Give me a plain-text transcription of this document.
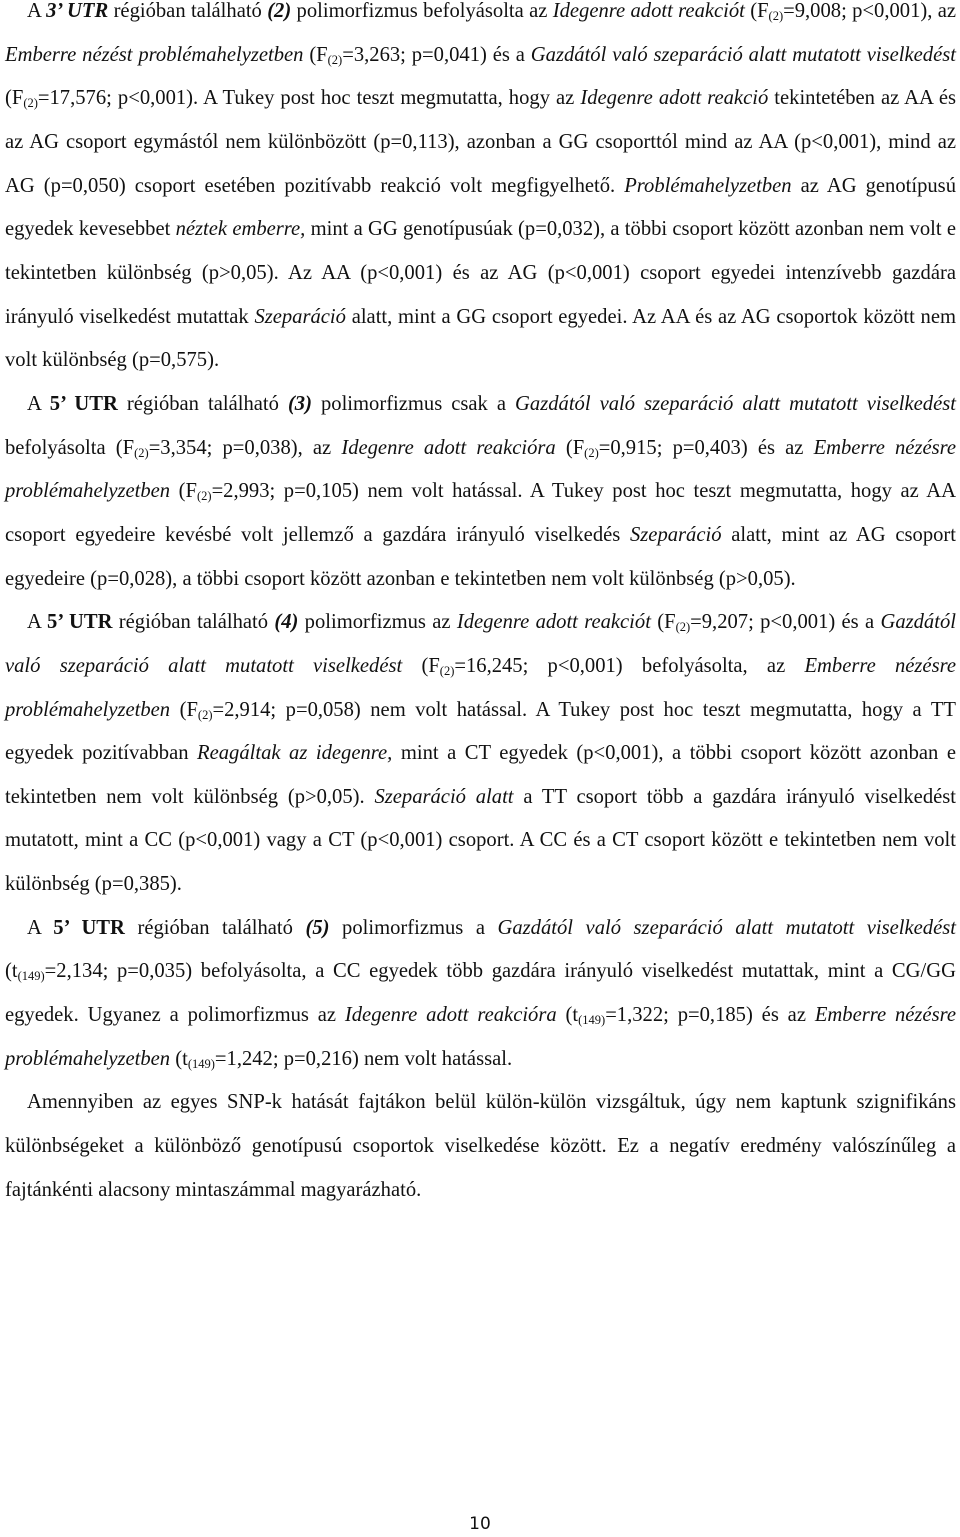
A 3’ UTR régióban található (2) polimorfizmus befolyásolta az Idegenre adott reakciót ($F_{(2)}=9,008$; p<0,001), az Emberre nézést problémahelyzetben ($F_{(2)}=3,263$; p=0,041) és a Gazdától való szeparáció alatt mutatott viselkedést ($F_{(2)}=17,576$; p<0,001). A Tukey post hoc teszt megmutatta, hogy az Idegenre adott reakció tekintetében az AA és az AG csoport egymástól nem különbözött (p=0,113), azonban a GG csoporttól mind az AA (p<0,001), mind az AG (p=0,050) csoport esetében pozitívabb reakció volt megfigyelhető. Problémahelyzetben az AG genotípusú egyedek kevesebbet néztek emberre, mint a GG genotípusúak (p=0,032), a többi csoport között azonban nem volt e tekintetben különbség (p>0,05). Az AA (p<0,001) és az AG (p<0,001) csoport egyedei intenzívebb gazdára irányuló viselkedést mutattak Szeparáció alatt, mint a GG csoport egyedei. Az AA és az AG csoportok között nem volt különbség (p=0,575).

A 5’ UTR régióban található (3) polimorfizmus csak a Gazdától való szeparáció alatt mutatott viselkedést befolyásolta ($F_{(2)}=3,354$; p=0,038), az Idegenre adott reakcióra ($F_{(2)}=0,915$; p=0,403) és az Emberre nézésre problémahelyzetben ($F_{(2)}=2,993$; p=0,105) nem volt hatással. A Tukey post hoc teszt megmutatta, hogy az AA csoport egyedeire kevésbé volt jellemző a gazdára irányuló viselkedés Szeparáció alatt, mint az AG csoport egyedeire (p=0,028), a többi csoport között azonban e tekintetben nem volt különbség (p>0,05).

A 5’ UTR régióban található (4) polimorfizmus az Idegenre adott reakciót ($F_{(2)}=9,207$; p<0,001) és a Gazdától való szeparáció alatt mutatott viselkedést ($F_{(2)}=16,245$; p<0,001) befolyásolta, az Emberre nézésre problémahelyzetben ($F_{(2)}=2,914$; p=0,058) nem volt hatással. A Tukey post hoc teszt megmutatta, hogy a TT egyedek pozitívabban Reagáltak az idegenre, mint a CT egyedek (p<0,001), a többi csoport között azonban e tekintetben nem volt különbség (p>0,05). Szeparáció alatt a TT csoport több a gazdára irányuló viselkedést mutatott, mint a CC (p<0,001) vagy a CT (p<0,001) csoport. A CC és a CT csoport között e tekintetben nem volt különbség (p=0,385).

A 5’ UTR régióban található (5) polimorfizmus a Gazdától való szeparáció alatt mutatott viselkedést ($t_{(149)}=2,134$; p=0,035) befolyásolta, a CC egyedek több gazdára irányuló viselkedést mutattak, mint a CG/GG egyedek. Ugyanez a polimorfizmus az Idegenre adott reakcióra ($t_{(149)}=1,322$; p=0,185) és az Emberre nézésre problémahelyzetben ($t_{(149)}=1,242$; p=0,216) nem volt hatással.

Amennyiben az egyes SNP-k hatását fajtákon belül külön-külön vizsgáltuk, úgy nem kaptunk szignifikáns különbségeket a különböző genotípusú csoportok viselkedése között. Ez a negatív eredmény valószínűleg a fajtánkénti alacsony mintaszámmal magyarázható.

10
